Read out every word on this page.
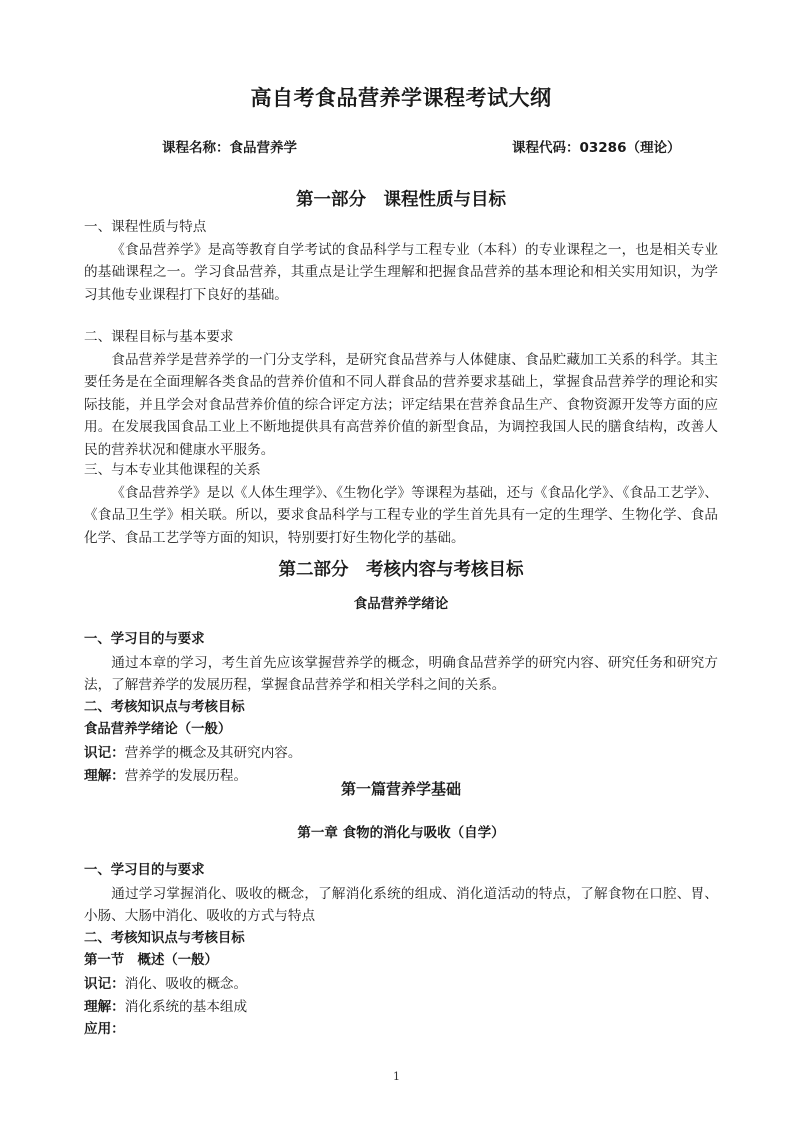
高自考食品营养学课程考试大纲
课程名称：食品营养学	课程代码：03286（理论）
第一部分　课程性质与目标

一、课程性质与特点

《食品营养学》是高等教育自学考试的食品科学与工程专业（本科）的专业课程之一，也是相关专业的基础课程之一。学习食品营养，其重点是让学生理解和把握食品营养的基本理论和相关实用知识，为学习其他专业课程打下良好的基础。

二、课程目标与基本要求

食品营养学是营养学的一门分支学科，是研究食品营养与人体健康、食品贮藏加工关系的科学。其主要任务是在全面理解各类食品的营养价值和不同人群食品的营养要求基础上，掌握食品营养学的理论和实际技能，并且学会对食品营养价值的综合评定方法；评定结果在营养食品生产、食物资源开发等方面的应用。在发展我国食品工业上不断地提供具有高营养价值的新型食品，为调控我国人民的膳食结构，改善人民的营养状况和健康水平服务。

三、与本专业其他课程的关系

《食品营养学》是以《人体生理学》、《生物化学》等课程为基础，还与《食品化学》、《食品工艺学》、《食品卫生学》相关联。所以，要求食品科学与工程专业的学生首先具有一定的生理学、生物化学、食品化学、食品工艺学等方面的知识，特别要打好生物化学的基础。

第二部分　考核内容与考核目标
食品营养学绪论

一、学习目的与要求

通过本章的学习，考生首先应该掌握营养学的概念，明确食品营养学的研究内容、研究任务和研究方法，了解营养学的发展历程，掌握食品营养学和相关学科之间的关系。

二、考核知识点与考核目标

食品营养学绪论（一般）

识记：营养学的概念及其研究内容。

理解：营养学的发展历程。

第一篇营养学基础
第一章 食物的消化与吸收（自学）

一、学习目的与要求

通过学习掌握消化、吸收的概念，了解消化系统的组成、消化道活动的特点，了解食物在口腔、胃、小肠、大肠中消化、吸收的方式与特点

二、考核知识点与考核目标

第一节　概述（一般）

识记：消化、吸收的概念。

理解：消化系统的基本组成

应用：

1
